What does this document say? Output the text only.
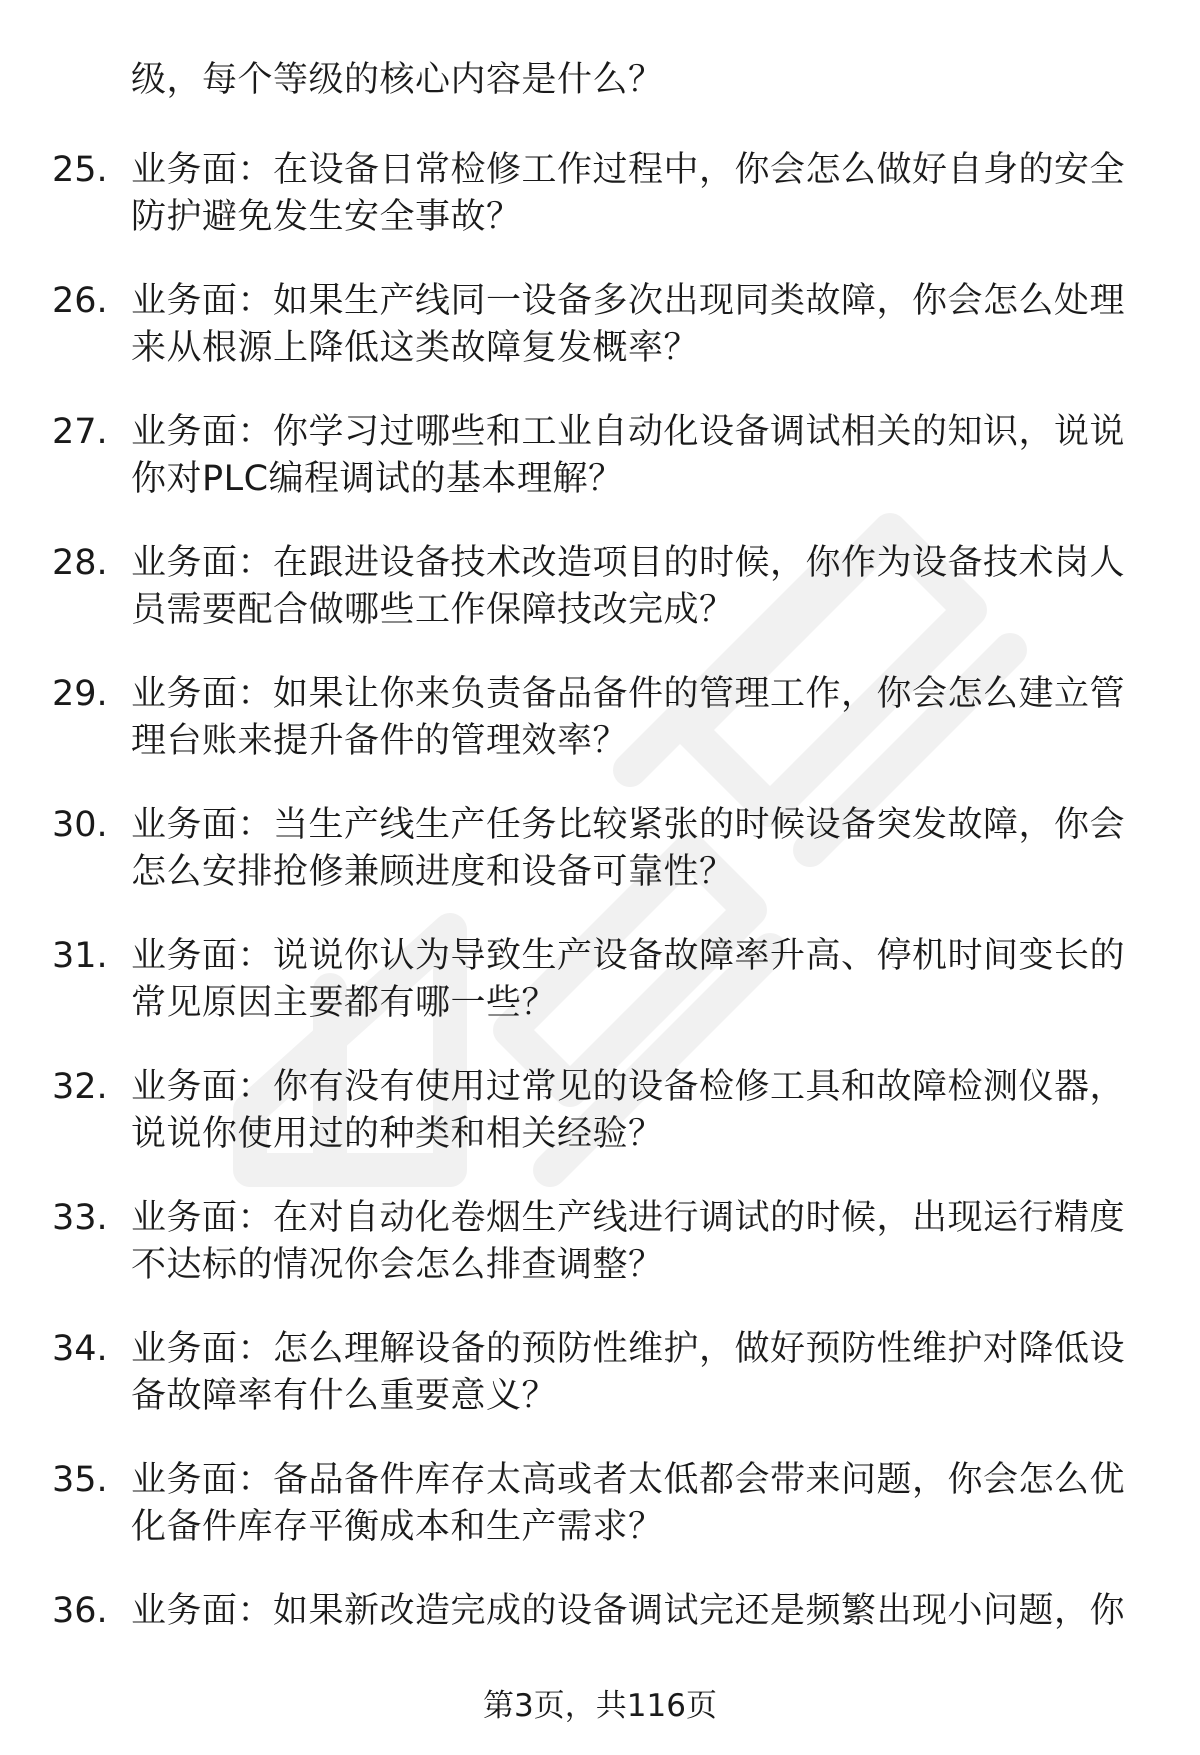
级，每个等级的核心内容是什么？
25. 业务面：在设备日常检修工作过程中，你会怎么做好自身的安全
防护避免发生安全事故？
26. 业务面：如果生产线同一设备多次出现同类故障，你会怎么处理
来从根源上降低这类故障复发概率？
27. 业务面：你学习过哪些和工业自动化设备调试相关的知识，说说
你对PLC编程调试的基本理解？
28. 业务面：在跟进设备技术改造项目的时候，你作为设备技术岗人
员需要配合做哪些工作保障技改完成？
29. 业务面：如果让你来负责备品备件的管理工作，你会怎么建立管
理台账来提升备件的管理效率？
30. 业务面：当生产线生产任务比较紧张的时候设备突发故障，你会
怎么安排抢修兼顾进度和设备可靠性？
31. 业务面：说说你认为导致生产设备故障率升高、停机时间变长的
常见原因主要都有哪一些？
32. 业务面：你有没有使用过常见的设备检修工具和故障检测仪器，
说说你使用过的种类和相关经验？
33. 业务面：在对自动化卷烟生产线进行调试的时候，出现运行精度
不达标的情况你会怎么排查调整？
34. 业务面：怎么理解设备的预防性维护，做好预防性维护对降低设
备故障率有什么重要意义？
35. 业务面：备品备件库存太高或者太低都会带来问题，你会怎么优
化备件库存平衡成本和生产需求？
36. 业务面：如果新改造完成的设备调试完还是频繁出现小问题，你
第3页，共116页
